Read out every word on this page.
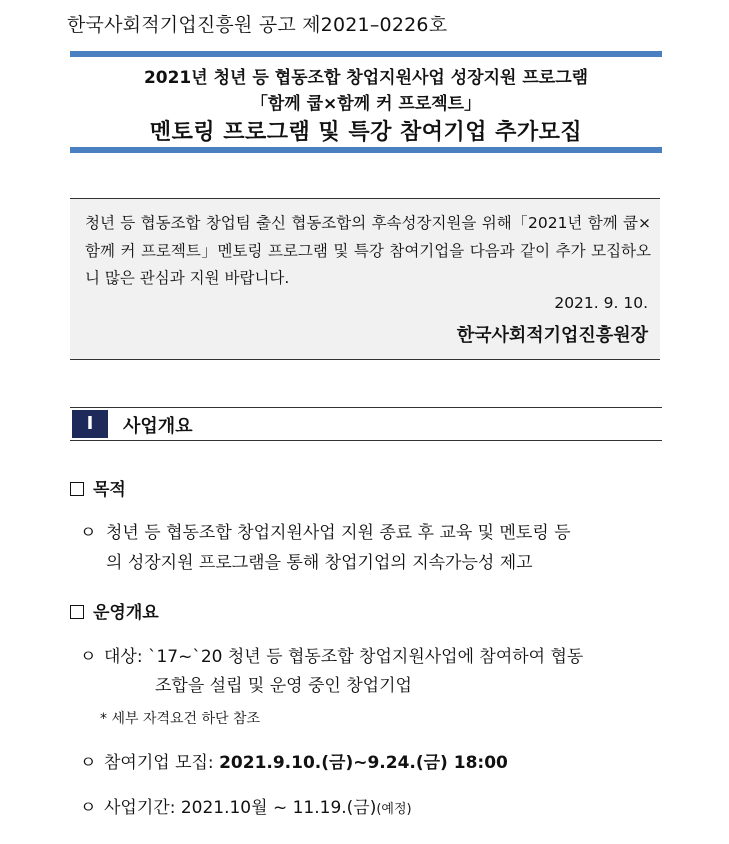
한국사회적기업진흥원 공고 제2021–0226호
2021년 청년 등 협동조합 창업지원사업 성장지원 프로그램
「함께 쿱×함께 커 프로젝트」
멘토링 프로그램 및 특강 참여기업 추가모집
청년 등 협동조합 창업팀 출신 협동조합의 후속성장지원을 위해「2021년 함께 쿱×함께 커 프로젝트」멘토링 프로그램 및 특강 참여기업을 다음과 같이 추가 모집하오니 많은 관심과 지원 바랍니다.
2021. 9. 10.
한국사회적기업진흥원장
I	사업개요
목적
ㅇ 청년 등 협동조합 창업지원사업 지원 종료 후 교육 및 멘토링 등
의 성장지원 프로그램을 통해 창업기업의 지속가능성 제고
운영개요
ㅇ 대상: `17~`20 청년 등 협동조합 창업지원사업에 참여하여 협동
조합을 설립 및 운영 중인 창업기업
* 세부 자격요건 하단 참조
ㅇ 참여기업 모집: 2021.9.10.(금)~9.24.(금) 18:00
ㅇ 사업기간: 2021.10월 ~ 11.19.(금)(예정)
